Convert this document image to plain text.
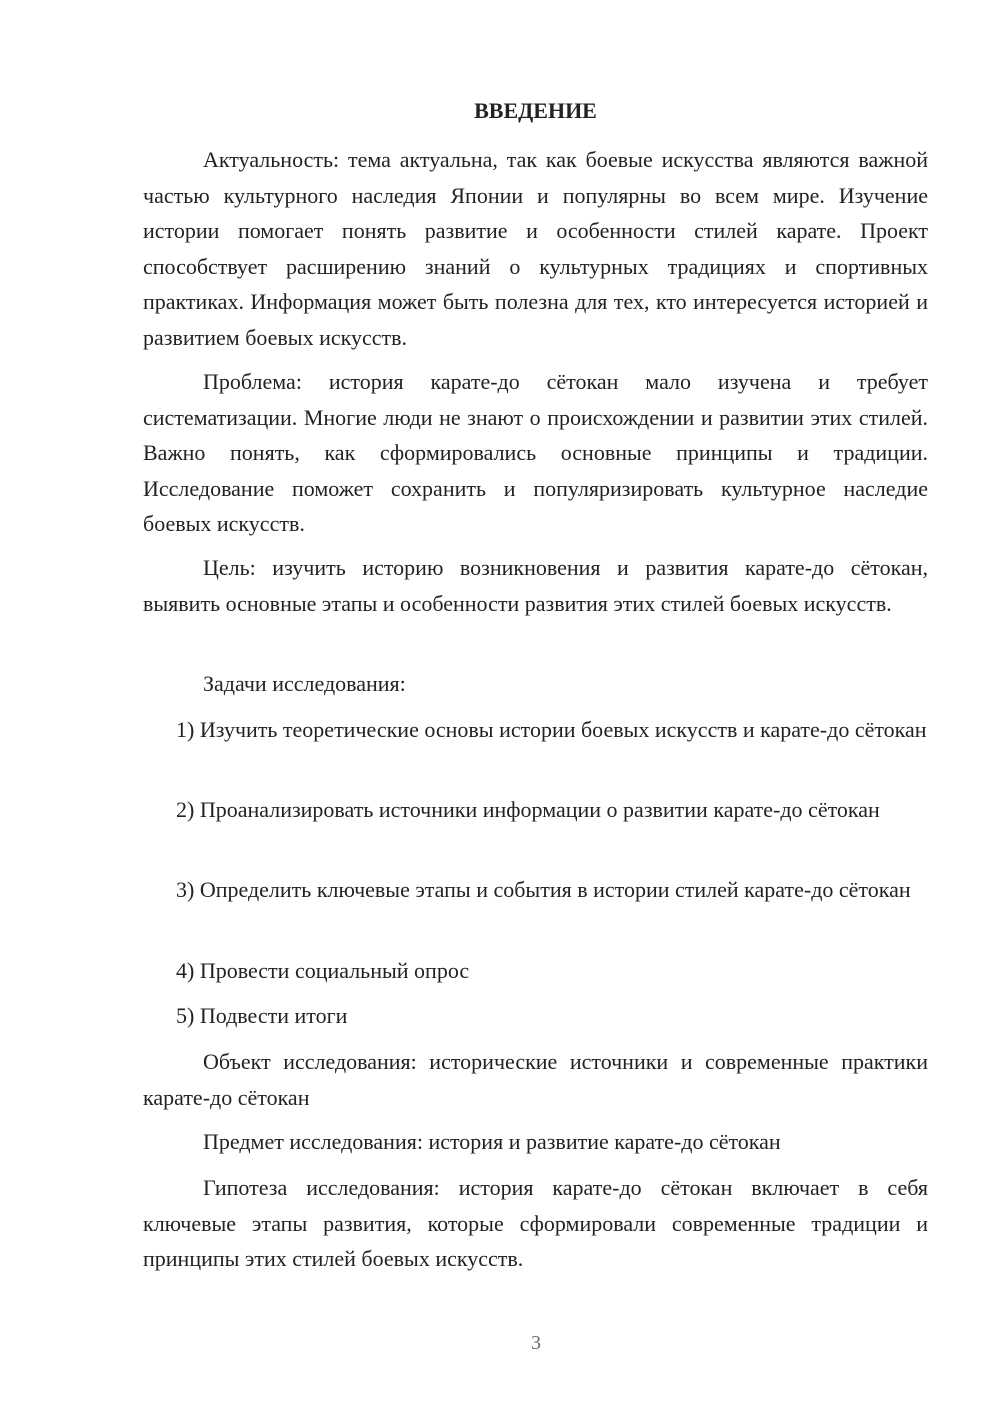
ВВЕДЕНИЕ

Актуальность: тема актуальна, так как боевые искусства являются важной частью культурного наследия Японии и популярны во всем мире. Изучение истории помогает понять развитие и особенности стилей карате. Проект способствует расширению знаний о культурных традициях и спортивных практиках. Информация может быть полезна для тех, кто интересуется историей и развитием боевых искусств.

Проблема: история карате-до сётокан мало изучена и требует систематизации. Многие люди не знают о происхождении и развитии этих стилей. Важно понять, как сформировались основные принципы и традиции. Исследование поможет сохранить и популяризировать культурное наследие боевых искусств.

Цель: изучить историю возникновения и развития карате-до сётокан, выявить основные этапы и особенности развития этих стилей боевых искусств.

Задачи исследования:

1) Изучить теоретические основы истории боевых искусств и карате-до сётокан

2) Проанализировать источники информации о развитии карате-до сётокан

3) Определить ключевые этапы и события в истории стилей карате-до сётокан

4) Провести социальный опрос

5) Подвести итоги

Объект исследования: исторические источники и современные практики карате-до сётокан

Предмет исследования: история и развитие карате-до сётокан

Гипотеза исследования: история карате-до сётокан включает в себя ключевые этапы развития, которые сформировали современные традиции и принципы этих стилей боевых искусств.

3
